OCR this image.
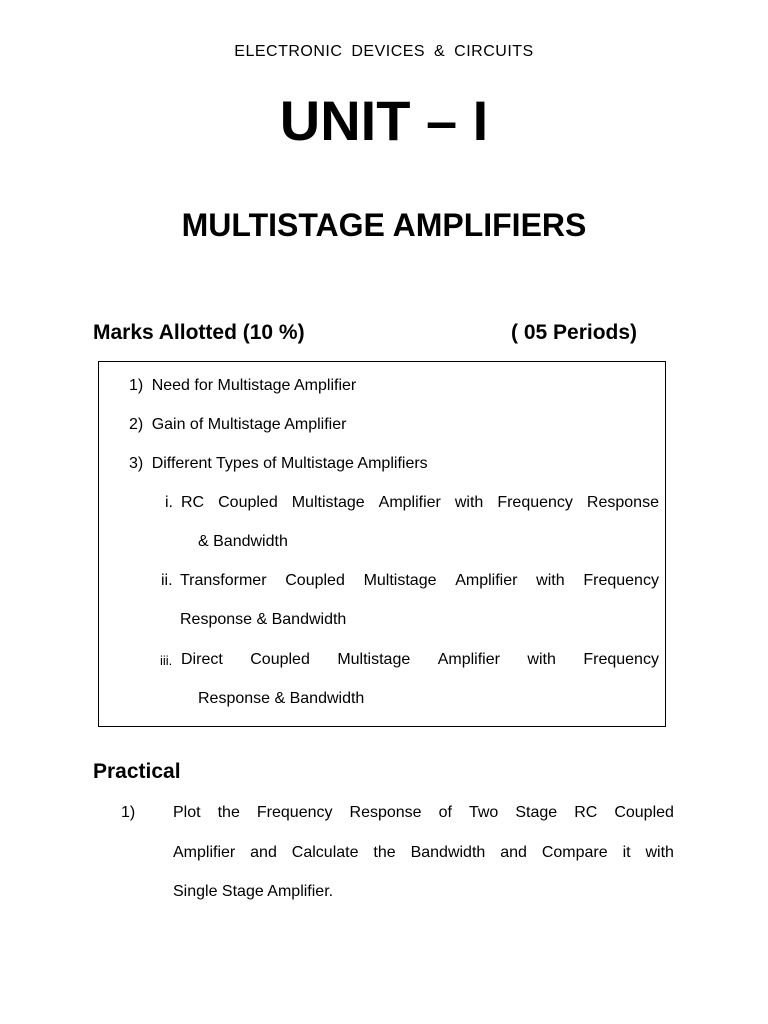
ELECTRONIC DEVICES & CIRCUITS
UNIT – I
MULTISTAGE AMPLIFIERS
Marks Allotted (10 %)	( 05 Periods)
1) Need for Multistage Amplifier
2) Gain of Multistage Amplifier
3) Different Types of Multistage Amplifiers
i. RC Coupled Multistage Amplifier with Frequency Response
& Bandwidth
ii. Transformer Coupled Multistage Amplifier with Frequency
Response & Bandwidth
iii. Direct Coupled Multistage Amplifier with Frequency
Response & Bandwidth
Practical
1) Plot the Frequency Response of Two Stage RC Coupled
Amplifier and Calculate the Bandwidth and Compare it with
Single Stage Amplifier.
